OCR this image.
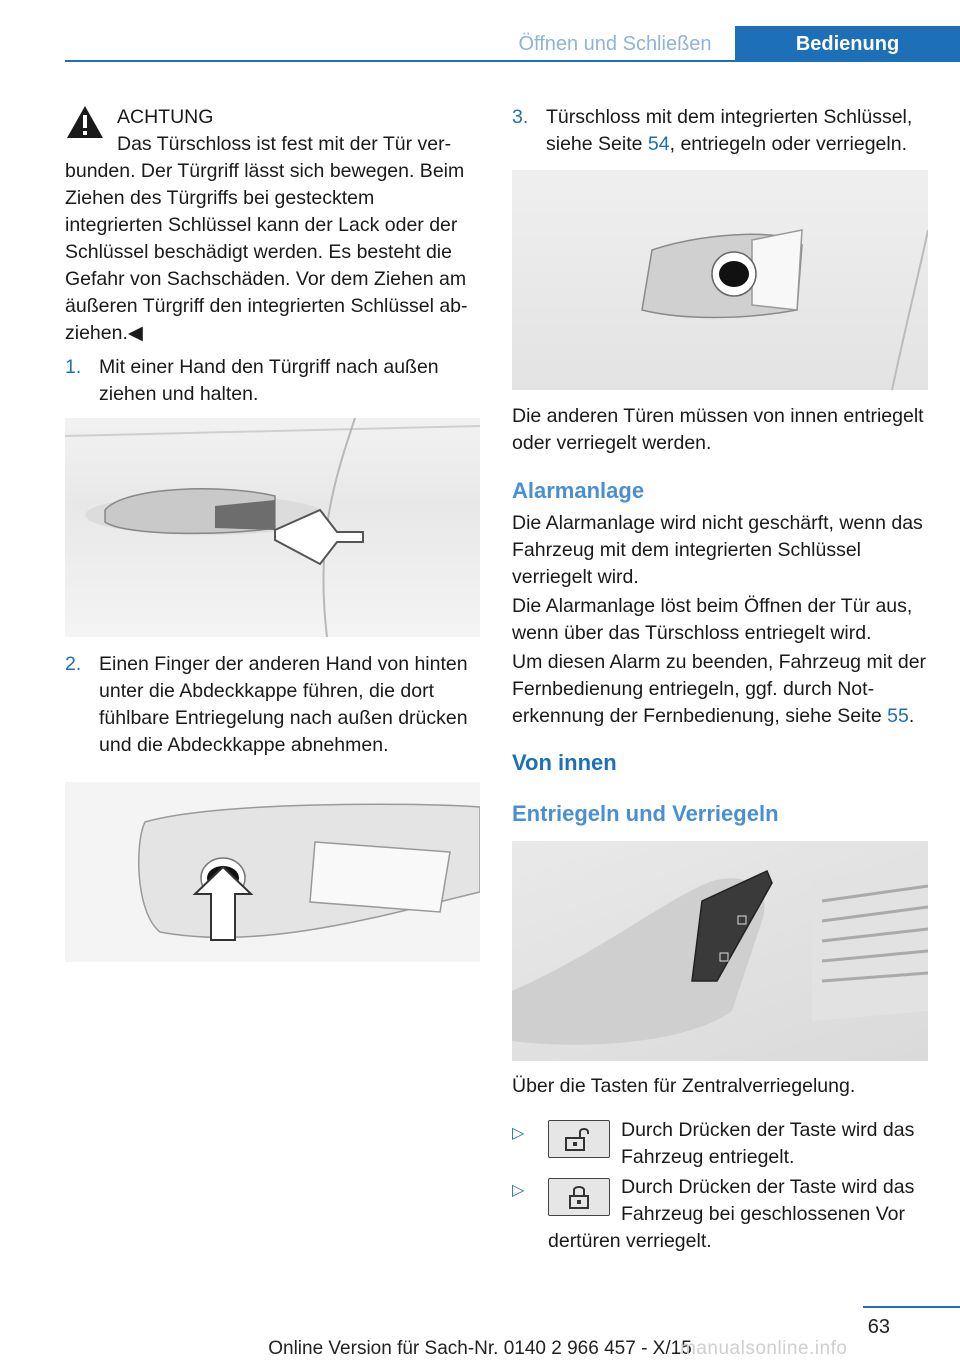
Öffnen und Schließen	Bedienung
ACHTUNG
Das Türschloss ist fest mit der Tür verbunden. Der Türgriff lässt sich bewegen. Beim Ziehen des Türgriffs bei gestecktem integrierten Schlüssel kann der Lack oder der Schlüssel beschädigt werden. Es besteht die Gefahr von Sachschäden. Vor dem Ziehen am äußeren Türgriff den integrierten Schlüssel abziehen.◀
1. Mit einer Hand den Türgriff nach außen ziehen und halten.
2. Einen Finger der anderen Hand von hinten unter die Abdeckkappe führen, die dort fühlbare Entriegelung nach außen drücken und die Abdeckkappe abnehmen.
3. Türschloss mit dem integrierten Schlüssel, siehe Seite 54, entriegeln oder verriegeln.
Die anderen Türen müssen von innen entriegelt oder verriegelt werden.
Alarmanlage
Die Alarmanlage wird nicht geschärft, wenn das Fahrzeug mit dem integrierten Schlüssel verriegelt wird.
Die Alarmanlage löst beim Öffnen der Tür aus, wenn über das Türschloss entriegelt wird.
Um diesen Alarm zu beenden, Fahrzeug mit der Fernbedienung entriegeln, ggf. durch Noterkennung der Fernbedienung, siehe Seite 55.
Von innen
Entriegeln und Verriegeln
Über die Tasten für Zentralverriegelung.
▷	Durch Drücken der Taste wird das Fahrzeug entriegelt.
▷	Durch Drücken der Taste wird das Fahrzeug bei geschlossenen Vor
dertüren verriegelt.
63
Online Version für Sach-Nr. 0140 2 966 457 - X/15
manualsonline.info
